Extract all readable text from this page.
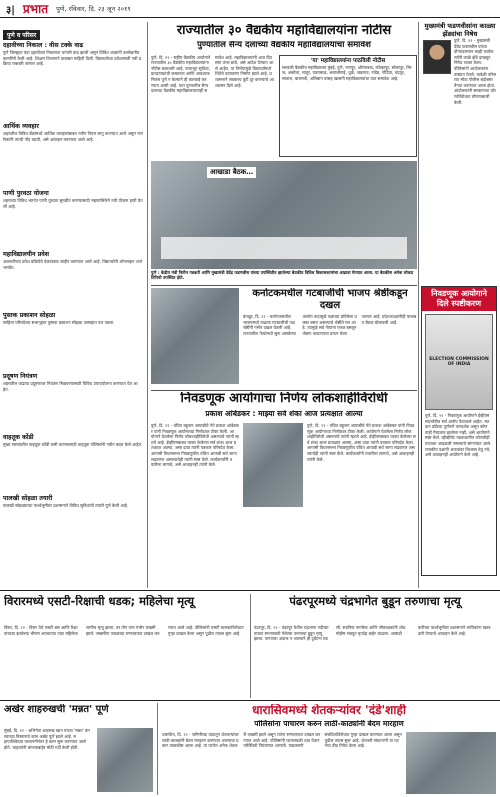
३| प्रभात पुणे, रविवार, दि. २३ जून २०१९
पुणे व परिसर
दहावीच्या निकाल : वीस टक्के वाढ
पुणे जिल्ह्यात यंदा दहावीच्या निकालात चांगली वाढ झाली असून विविध शाळांनी उल्लेखनीय कामगिरी केली आहे. शिक्षण विभागाने याबाबत माहिती दिली. विद्यार्थ्यांच्या प्रवेशासाठी नवी प्रक्रिया राबवली जाणार आहे.
आर्थिक व्यवहार
शहरातील विविध बँकांमध्ये आर्थिक व्यवहारांबाबत नवीन नियम लागू करण्यात आले असून नागरिकांनी त्याची नोंद घ्यावी, असे आवाहन करण्यात आले आहे.
पाणी पुरवठा योजना
शहराच्या विविध भागांत पाणी पुरवठा सुरळीत करण्यासाठी महापालिकेने नवी योजना हाती घेतली आहे.
महाविद्यालयीन प्रवेश
अकरावीच्या प्रवेश प्रक्रियेचे वेळापत्रक जाहीर करण्यात आले आहे. विद्यार्थ्यांनी ऑनलाइन अर्ज भरावेत.
पुस्तक प्रकाशन सोहळा
साहित्य परिषदेच्या सभागृहात पुस्तक प्रकाशन सोहळा उत्साहात पार पडला.
प्रदूषण नियंत्रण
शहरातील वाढत्या प्रदूषणावर नियंत्रण मिळवण्यासाठी विविध उपाययोजना करण्यात येत आहेत.
वाहतूक कोंडी
मुख्य रस्त्यांवरील वाहतूक कोंडी कमी करण्यासाठी वाहतूक पोलिसांनी नवीन बदल केले आहेत.
पालखी सोहळा तयारी
पालखी सोहळ्याच्या पार्श्वभूमीवर प्रशासनाने विविध सुविधांची तयारी पूर्ण केली आहे.
राज्यातील ३० वैद्यकीय महाविद्यालयांना नोटीस
पुण्यातील सैन्य दलाच्या वैद्यकीय महाविद्यालयाचा समावेश
पुणे, दि. २२ - राष्ट्रीय वैद्यकीय आयोगाने राज्यातील ३० वैद्यकीय महाविद्यालयांना नोटीस बजावली आहे. पायाभूत सुविधा, प्राध्यापकांची कमतरता आणि आवश्यक निकष पूर्ण न केल्याने ही कारवाई करण्यात आली आहे. यात पुण्यातील सैन्य दलाच्या वैद्यकीय महाविद्यालयाचाही समावेश आहे. महाविद्यालयांनी आठ दिवसांत उत्तर द्यावे, असे आदेश देण्यात आले आहेत. या निर्णयामुळे विद्यार्थ्यांमध्ये चिंतेचे वातावरण निर्माण झाले आहे. प्रशासनाने लवकरच त्रुटी दूर करण्याचे आश्वासन दिले आहे.
'या' महाविद्यालयांना पाठविली नोटीस
सरकारी वैद्यकीय महाविद्यालय मुंबई, पुणे, नागपूर, औरंगाबाद, कोल्हापूर, सोलापूर, मिरज, अकोला, लातूर, यवतमाळ, अंबाजोगाई, धुळे, जळगाव, नांदेड, गोंदिया, चंद्रपूर, सातारा, बारामती, अलिबाग यासह खासगी महाविद्यालयांचा यात समावेश आहे.
आखाडा बैठक…
पुणे : केंद्रीय मंत्री नितीन गडकरी आणि मुख्यमंत्री देवेंद्र फडणवीस यांच्या उपस्थितीत झालेल्या बैठकीत विविध विकासकामांचा आढावा घेण्यात आला. या बैठकीस अनेक लोकप्रतिनिधी उपस्थित होते.
मुख्यमंत्री फडणवीसांना काळ्या झेंड्यांचा निषेध
पुणे, दि. २२ - मुख्यमंत्री देवेंद्र फडणवीस यांच्या दौऱ्यादरम्यान काही कार्यकर्त्यांनी काळे झेंडे दाखवून निषेध व्यक्त केला. पोलिसांनी आंदोलकांना ताब्यात घेतले. यावेळी परिसरात मोठा पोलीस बंदोबस्त तैनात करण्यात आला होता. आंदोलकांनी सरकारच्या धोरणांविरोधात घोषणाबाजी केली.
कर्नाटकमधील गटबाजीची भाजप श्रेष्ठींकडून दखल
बंगळूर, दि. २२ - कर्नाटकमधील भाजपमध्ये वाढत्या गटबाजीची पक्षश्रेष्ठींनी गंभीर दखल घेतली आहे. राज्यातील नेत्यांमध्ये सुरू असलेल्या अंतर्गत वादामुळे पक्षाच्या प्रतिमेला धक्का बसत असल्याचे श्रेष्ठींचे मत आहे. त्यामुळे सर्व नेत्यांना एकत्र बसवून तोडगा काढण्याचा प्रयत्न केला जाणार आहे. प्रदेशाध्यक्षांनीही याबाबत बैठक बोलावली आहे.
निवडणूक आयोगाचा निर्णय लोकशाहीविरोधी
प्रकाश आंबेडकर : माझ्या सर्व शंका आज प्रत्यक्षात आल्या
पुणे, दि. २२ - वंचित बहुजन आघाडीचे नेते प्रकाश आंबेडकर यांनी निवडणूक आयोगाच्या निर्णयावर टीका केली. आयोगाने घेतलेला निर्णय लोकशाहीविरोधी असल्याचे त्यांनी म्हटले आहे. ईव्हीएमबाबत व्यक्त केलेल्या सर्व शंका आज प्रत्यक्षात आल्या, असा दावा त्यांनी पत्रकार परिषदेत केला. आगामी विधानसभा निवडणुकीत वंचित आघाडी सर्व जागा लढवणार असल्याचेही त्यांनी स्पष्ट केले. कार्यकर्त्यांनी तयारीला लागावे, असे आवाहनही त्यांनी केले.
पुणे, दि. २२ - वंचित बहुजन आघाडीचे नेते प्रकाश आंबेडकर यांनी निवडणूक आयोगाच्या निर्णयावर टीका केली. आयोगाने घेतलेला निर्णय लोकशाहीविरोधी असल्याचे त्यांनी म्हटले आहे. ईव्हीएमबाबत व्यक्त केलेल्या सर्व शंका आज प्रत्यक्षात आल्या, असा दावा त्यांनी पत्रकार परिषदेत केला. आगामी विधानसभा निवडणुकीत वंचित आघाडी सर्व जागा लढवणार असल्याचेही त्यांनी स्पष्ट केले. कार्यकर्त्यांनी तयारीला लागावे, असे आवाहनही त्यांनी केले.
निवडणूक आयोगाने दिले स्पष्टीकरण
ELECTION COMMISSION OF INDIA
पुणे, दि. २२ - निवडणूक आयोगाने ईव्हीएम संदर्भातील सर्व आरोप फेटाळले आहेत. मतदान प्रक्रिया पूर्णपणे पारदर्शक असून कोणताही गैरप्रकार झालेला नाही, असे आयोगाने स्पष्ट केले. व्हीव्हीपॅट पडताळणीत कोणतीही तफावत आढळली नसल्याचे सांगण्यात आले. राजकीय पक्षांनी अफवांवर विश्वास ठेवू नये, असे आवाहनही आयोगाने केले आहे.
विरारमध्ये एसटी-रिक्षाची धडक; महिलेचा मृत्यू
विरार, दि. २२ - विरार येथे एसटी बस आणि रिक्षा यांच्यात झालेल्या भीषण अपघातात एका महिलेचा जागीच मृत्यू झाला, तर तीन जण गंभीर जखमी झाले. जखमींना जवळच्या रुग्णालयात दाखल करण्यात आले आहे. पोलिसांनी एसटी चालकाविरोधात गुन्हा दाखल केला असून पुढील तपास सुरू आहे.
पंढरपूरमध्ये चंद्रभागेत बुडून तरुणाचा मृत्यू
पंढरपूर, दि. २२ - पंढरपूर येथील चंद्रभागा नदीच्या पात्रात स्नानासाठी गेलेल्या तरुणाचा बुडून मृत्यू झाला. पाण्याचा अंदाज न आल्याने ही दुर्घटना घडली. स्थानिक नागरिक आणि जीवरक्षकांनी शोधमोहीम राबवून मृतदेह बाहेर काढला. आषाढी वारीच्या पार्श्वभूमीवर प्रशासनाने भाविकांना खबरदारी घेण्याचे आवाहन केले आहे.
अखेर शाहरुखची 'मन्नत' पूर्ण
मुंबई, दि. २२ - अभिनेता शाहरुख खान याच्या 'मन्नत' बंगल्याच्या विस्ताराचे काम अखेर पूर्ण झाले आहे. महापालिकेच्या परवानगीनंतर हे काम सुरू करण्यात आले होते. चाहत्यांनी बंगल्याबाहेर मोठी गर्दी केली होती.
धारासिवमध्ये शेतकऱ्यांवर 'दंडे'शाही
पोलिसांना पाचारण करुन लाठी-काठ्यांनी बेदम मारहाण
धाराशिव, दि. २२ - जमिनीच्या वादातून शेतकऱ्यांवर लाठी-काठ्यांनी बेदम मारहाण करण्यात आल्याचा प्रकार उघडकीस आला आहे. या घटनेत अनेक शेतकरी जखमी झाले असून त्यांना रुग्णालयात दाखल करण्यात आले आहे. पोलिसांनी घटनास्थळी धाव घेऊन परिस्थिती नियंत्रणात आणली. याप्रकरणी संबंधितांविरोधात गुन्हा दाखल करण्यात आला असून पुढील तपास सुरू आहे. शेतकरी संघटनांनी या घटनेचा तीव्र निषेध केला आहे.
